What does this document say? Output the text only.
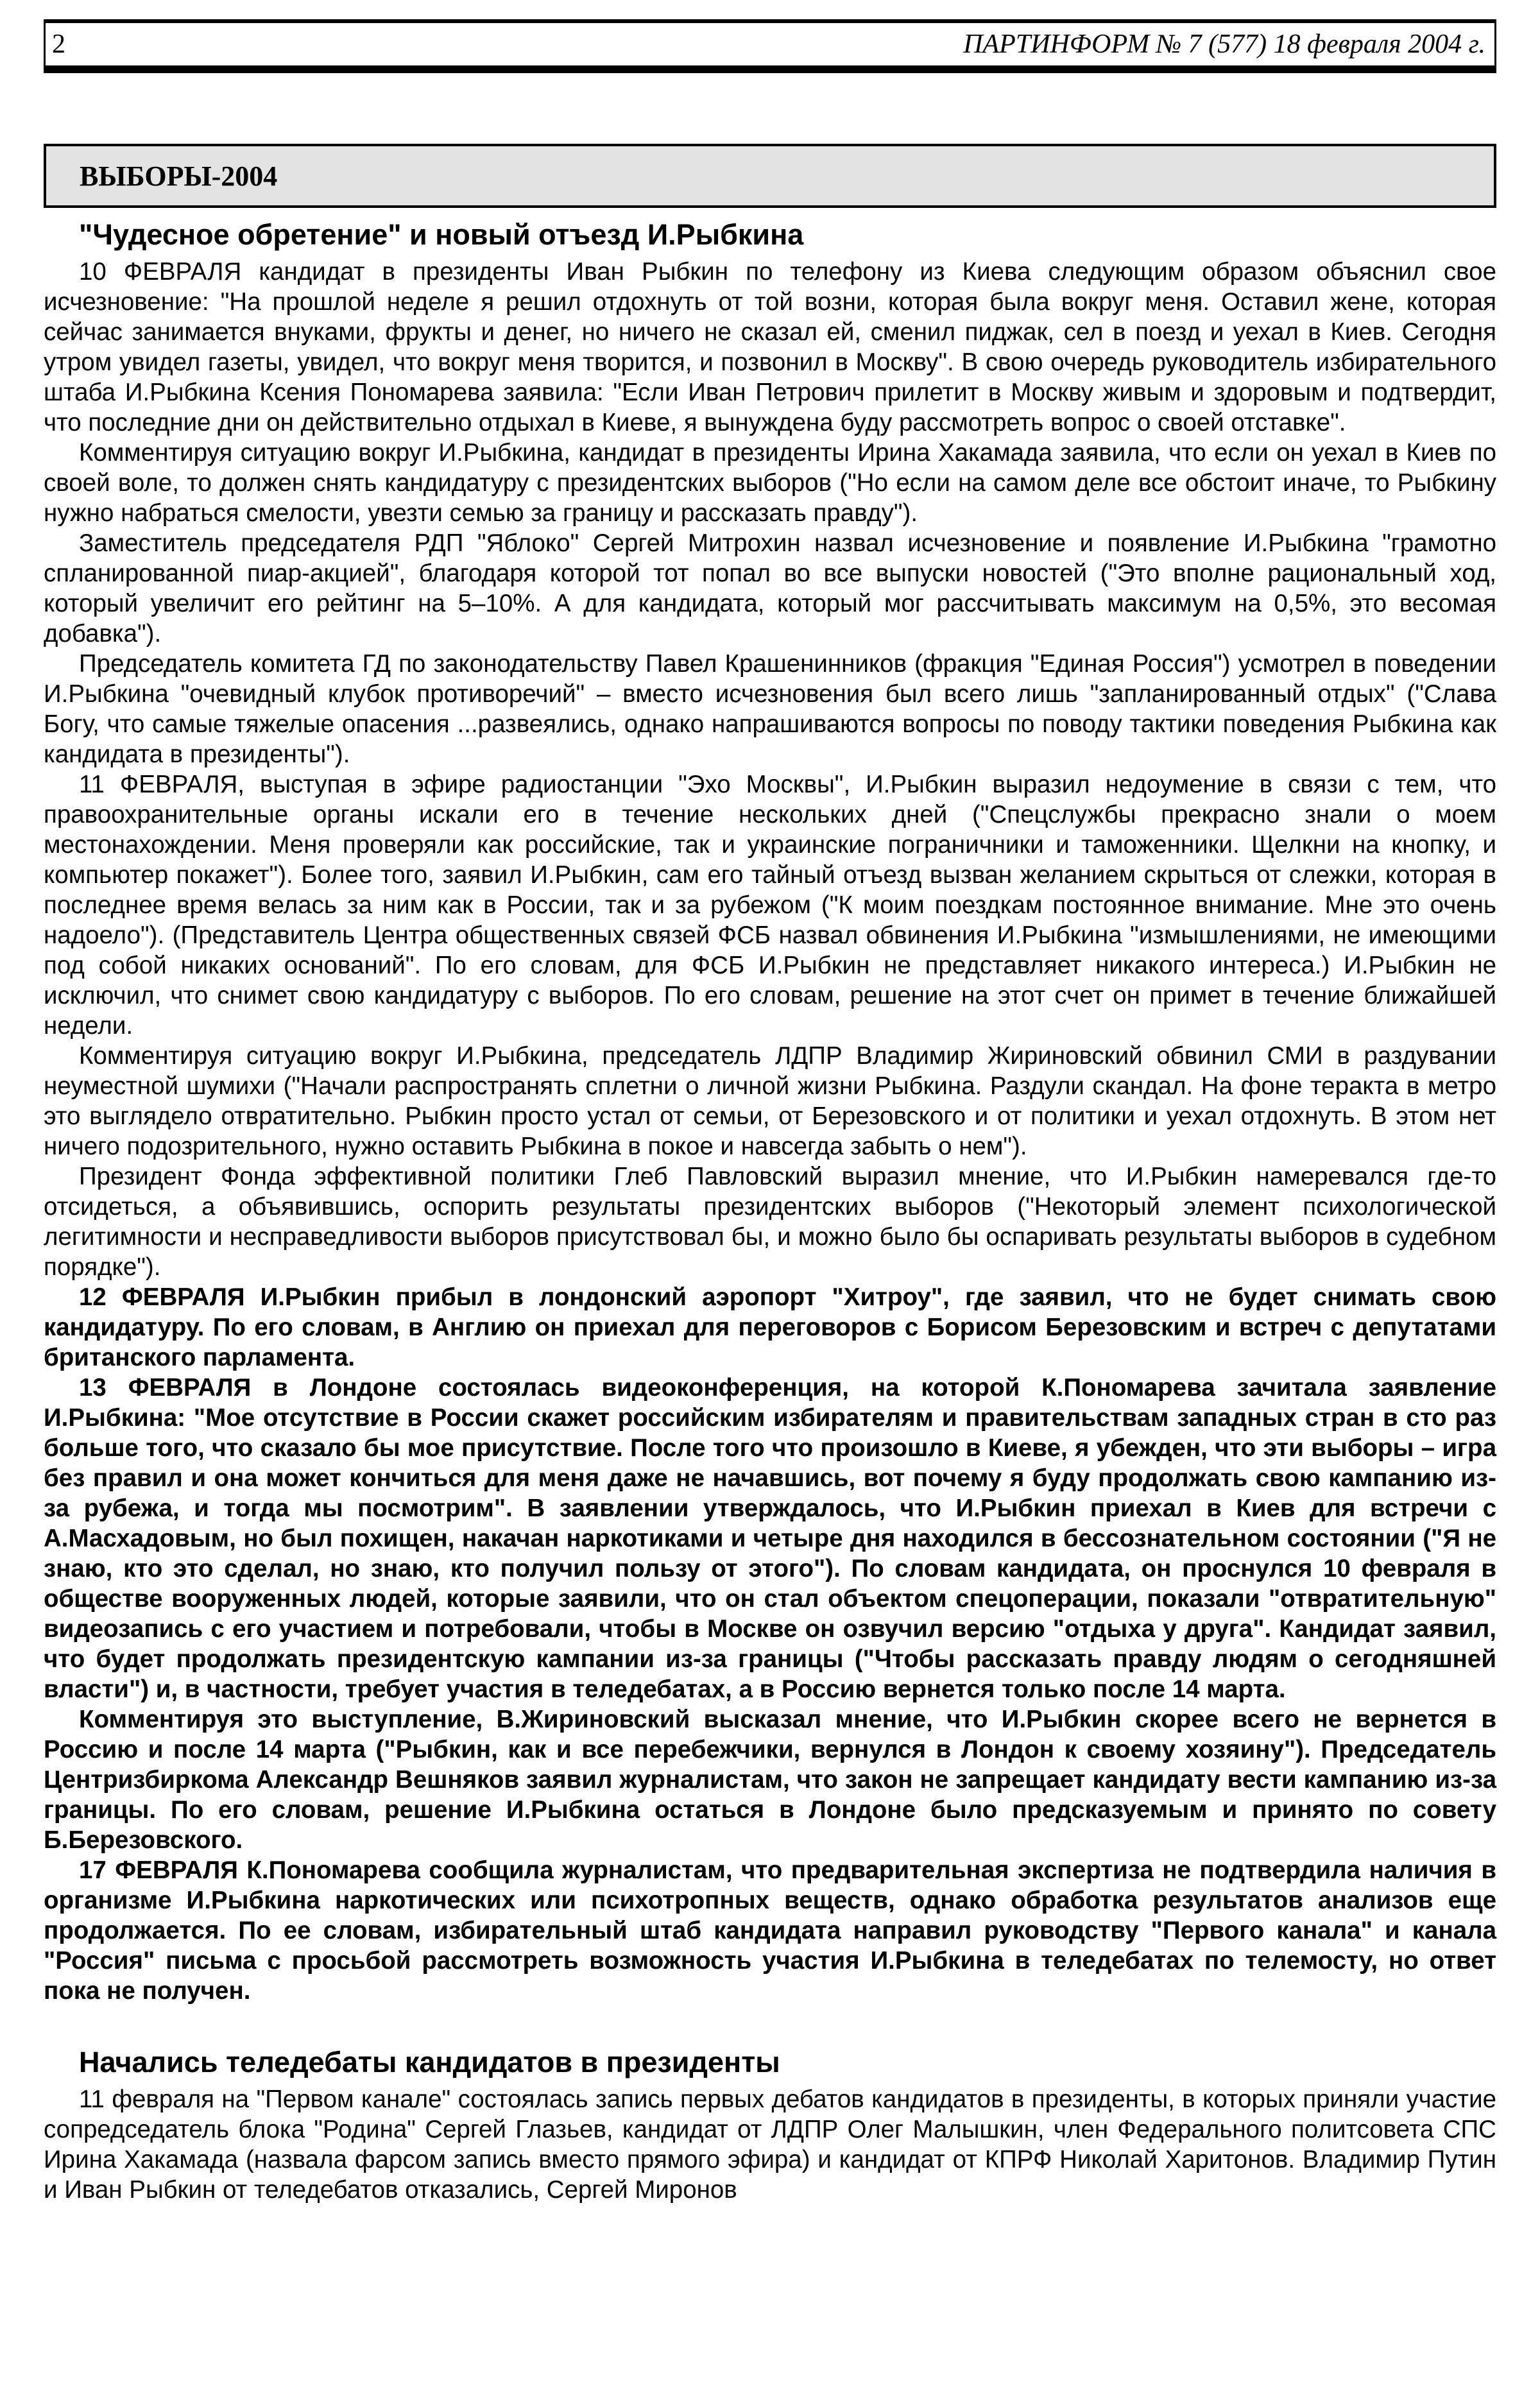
2	ПАРТИНФОРМ № 7 (577) 18 февраля 2004 г.
ВЫБОРЫ-2004
"Чудесное обретение" и новый отъезд И.Рыбкина

10 ФЕВРАЛЯ кандидат в президенты Иван Рыбкин по телефону из Киева следующим образом объяснил свое исчезновение: "На прошлой неделе я решил отдохнуть от той возни, которая была вокруг меня. Оставил жене, которая сейчас занимается внуками, фрукты и денег, но ничего не сказал ей, сменил пиджак, сел в поезд и уехал в Киев. Сегодня утром увидел газеты, увидел, что вокруг меня творится, и позвонил в Москву". В свою очередь руководитель избирательного штаба И.Рыбкина Ксения Пономарева заявила: "Если Иван Петрович прилетит в Москву живым и здоровым и подтвердит, что последние дни он действительно отдыхал в Киеве, я вынуждена буду рассмотреть вопрос о своей отставке".

Комментируя ситуацию вокруг И.Рыбкина, кандидат в президенты Ирина Хакамада заявила, что если он уехал в Киев по своей воле, то должен снять кандидатуру с президентских выборов ("Но если на самом деле все обстоит иначе, то Рыбкину нужно набраться смелости, увезти семью за границу и рассказать правду").

Заместитель председателя РДП "Яблоко" Сергей Митрохин назвал исчезновение и появление И.Рыбкина "грамотно спланированной пиар-акцией", благодаря которой тот попал во все выпуски новостей ("Это вполне рациональный ход, который увеличит его рейтинг на 5–10%. А для кандидата, который мог рассчитывать максимум на 0,5%, это весомая добавка").

Председатель комитета ГД по законодательству Павел Крашенинников (фракция "Единая Россия") усмотрел в поведении И.Рыбкина "очевидный клубок противоречий" – вместо исчезновения был всего лишь "запланированный отдых" ("Слава Богу, что самые тяжелые опасения ...развеялись, однако напрашиваются вопросы по поводу тактики поведения Рыбкина как кандидата в президенты").

11 ФЕВРАЛЯ, выступая в эфире радиостанции "Эхо Москвы", И.Рыбкин выразил недоумение в связи с тем, что правоохранительные органы искали его в течение нескольких дней ("Спецслужбы прекрасно знали о моем местонахождении. Меня проверяли как российские, так и украинские пограничники и таможенники. Щелкни на кнопку, и компьютер покажет"). Более того, заявил И.Рыбкин, сам его тайный отъезд вызван желанием скрыться от слежки, которая в последнее время велась за ним как в России, так и за рубежом ("К моим поездкам постоянное внимание. Мне это очень надоело"). (Представитель Центра общественных связей ФСБ назвал обвинения И.Рыбкина "измышлениями, не имеющими под собой никаких оснований". По его словам, для ФСБ И.Рыбкин не представляет никакого интереса.) И.Рыбкин не исключил, что снимет свою кандидатуру с выборов. По его словам, решение на этот счет он примет в течение ближайшей недели.

Комментируя ситуацию вокруг И.Рыбкина, председатель ЛДПР Владимир Жириновский обвинил СМИ в раздувании неуместной шумихи ("Начали распространять сплетни о личной жизни Рыбкина. Раздули скандал. На фоне теракта в метро это выглядело отвратительно. Рыбкин просто устал от семьи, от Березовского и от политики и уехал отдохнуть. В этом нет ничего подозрительного, нужно оставить Рыбкина в покое и навсегда забыть о нем").

Президент Фонда эффективной политики Глеб Павловский выразил мнение, что И.Рыбкин намеревался где-то отсидеться, а объявившись, оспорить результаты президентских выборов ("Некоторый элемент психологической легитимности и несправедливости выборов присутствовал бы, и можно было бы оспаривать результаты выборов в судебном порядке").

12 ФЕВРАЛЯ И.Рыбкин прибыл в лондонский аэропорт "Хитроу", где заявил, что не будет снимать свою кандидатуру. По его словам, в Англию он приехал для переговоров с Борисом Березовским и встреч с депутатами британского парламента.

13 ФЕВРАЛЯ в Лондоне состоялась видеоконференция, на которой К.Пономарева зачитала заявление И.Рыбкина: "Мое отсутствие в России скажет российским избирателям и правительствам западных стран в сто раз больше того, что сказало бы мое присутствие. После того что произошло в Киеве, я убежден, что эти выборы – игра без правил и она может кончиться для меня даже не начавшись, вот почему я буду продолжать свою кампанию из-за рубежа, и тогда мы посмотрим". В заявлении утверждалось, что И.Рыбкин приехал в Киев для встречи с А.Масхадовым, но был похищен, накачан наркотиками и четыре дня находился в бессознательном состоянии ("Я не знаю, кто это сделал, но знаю, кто получил пользу от этого"). По словам кандидата, он проснулся 10 февраля в обществе вооруженных людей, которые заявили, что он стал объектом спецоперации, показали "отвратительную" видеозапись с его участием и потребовали, чтобы в Москве он озвучил версию "отдыха у друга". Кандидат заявил, что будет продолжать президентскую кампании из-за границы ("Чтобы рассказать правду людям о сегодняшней власти") и, в частности, требует участия в теледебатах, а в Россию вернется только после 14 марта.

Комментируя это выступление, В.Жириновский высказал мнение, что И.Рыбкин скорее всего не вернется в Россию и после 14 марта ("Рыбкин, как и все перебежчики, вернулся в Лондон к своему хозяину"). Председатель Центризбиркома Александр Вешняков заявил журналистам, что закон не запрещает кандидату вести кампанию из-за границы. По его словам, решение И.Рыбкина остаться в Лондоне было предсказуемым и принято по совету Б.Березовского.

17 ФЕВРАЛЯ К.Пономарева сообщила журналистам, что предварительная экспертиза не подтвердила наличия в организме И.Рыбкина наркотических или психотропных веществ, однако обработка результатов анализов еще продолжается. По ее словам, избирательный штаб кандидата направил руководству "Первого канала" и канала "Россия" письма с просьбой рассмотреть возможность участия И.Рыбкина в теледебатах по телемосту, но ответ пока не получен.

Начались теледебаты кандидатов в президенты

11 февраля на "Первом канале" состоялась запись первых дебатов кандидатов в президенты, в которых приняли участие сопредседатель блока "Родина" Сергей Глазьев, кандидат от ЛДПР Олег Малышкин, член Федерального политсовета СПС Ирина Хакамада (назвала фарсом запись вместо прямого эфира) и кандидат от КПРФ Николай Харитонов. Владимир Путин и Иван Рыбкин от теледебатов отказались, Сергей Миронов
